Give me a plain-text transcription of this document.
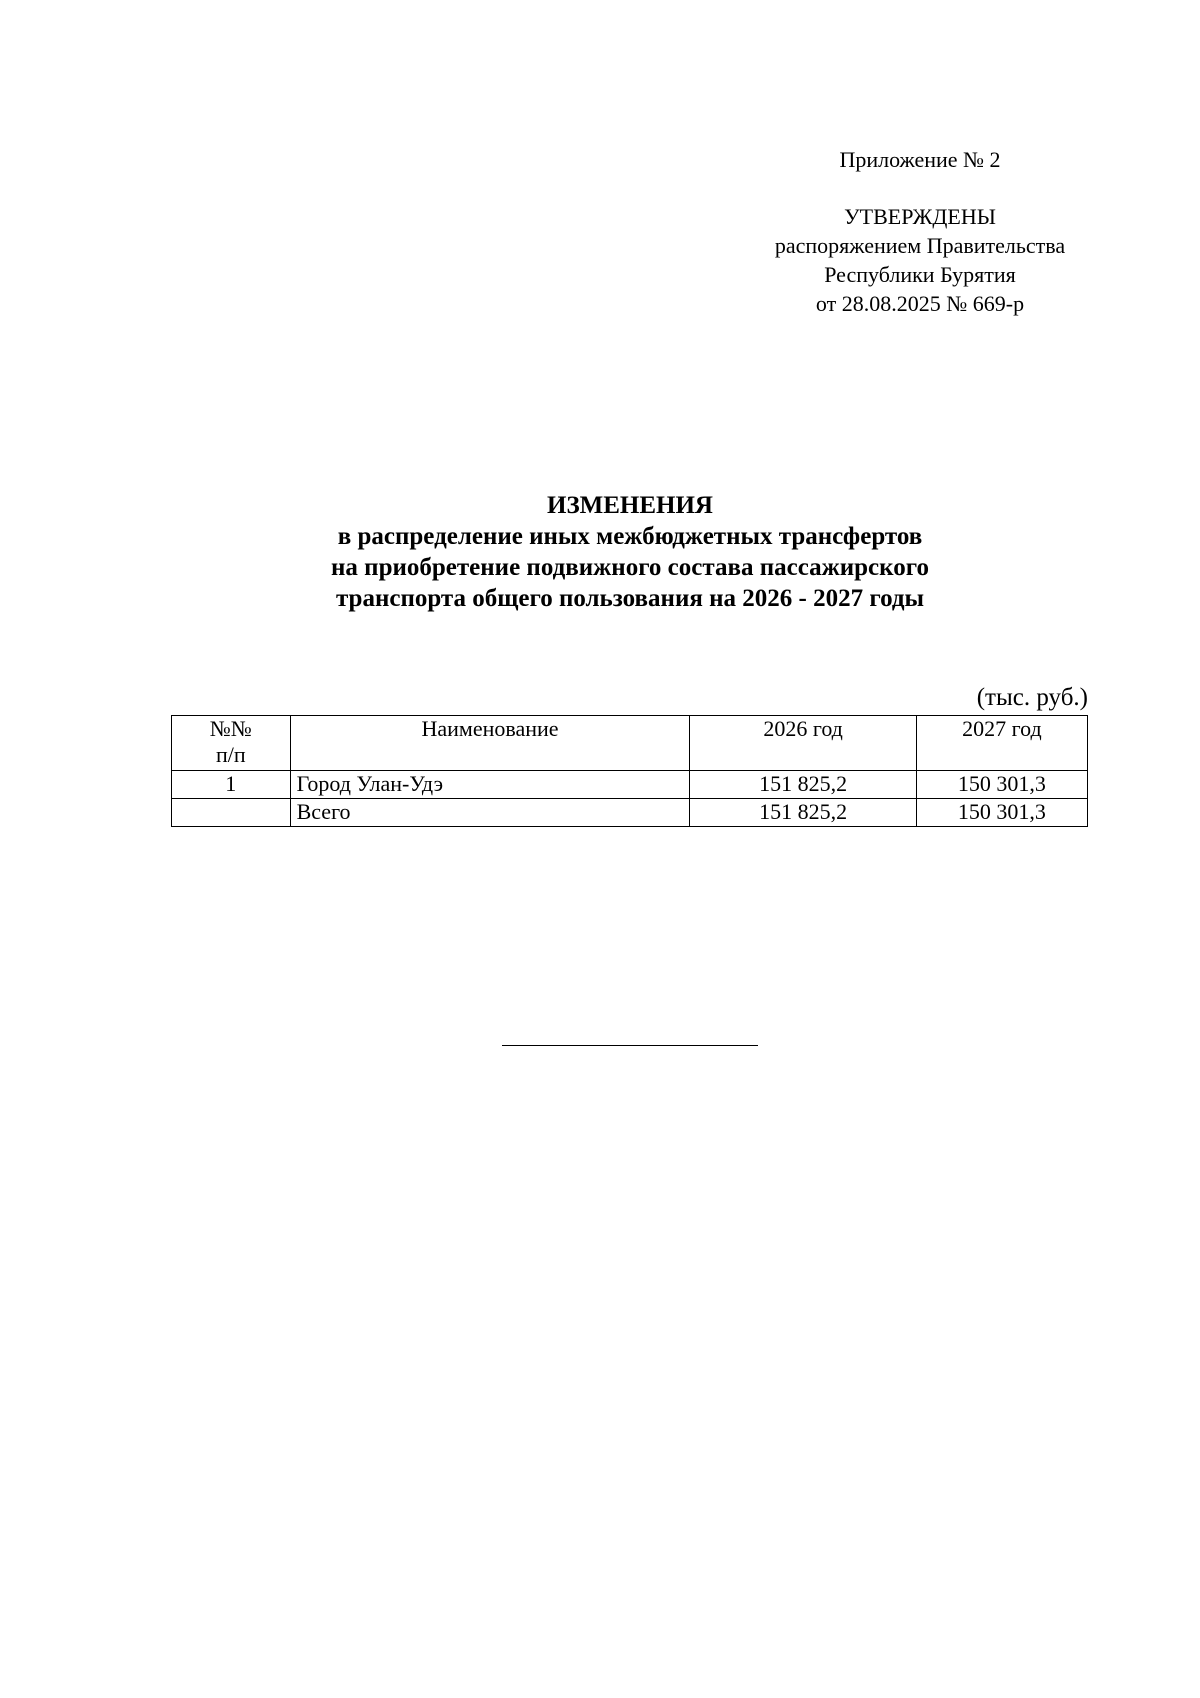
Приложение № 2
УТВЕРЖДЕНЫ
распоряжением Правительства
Республики Бурятия
от 28.08.2025 № 669-р
ИЗМЕНЕНИЯ
в распределение иных межбюджетных трансфертов
на приобретение подвижного состава пассажирского
транспорта общего пользования на 2026 - 2027 годы
(тыс. руб.)
№№
п/п	Наименование	2026 год	2027 год
1	Город Улан-Удэ	151 825,2	150 301,3
	Всего	151 825,2	150 301,3
